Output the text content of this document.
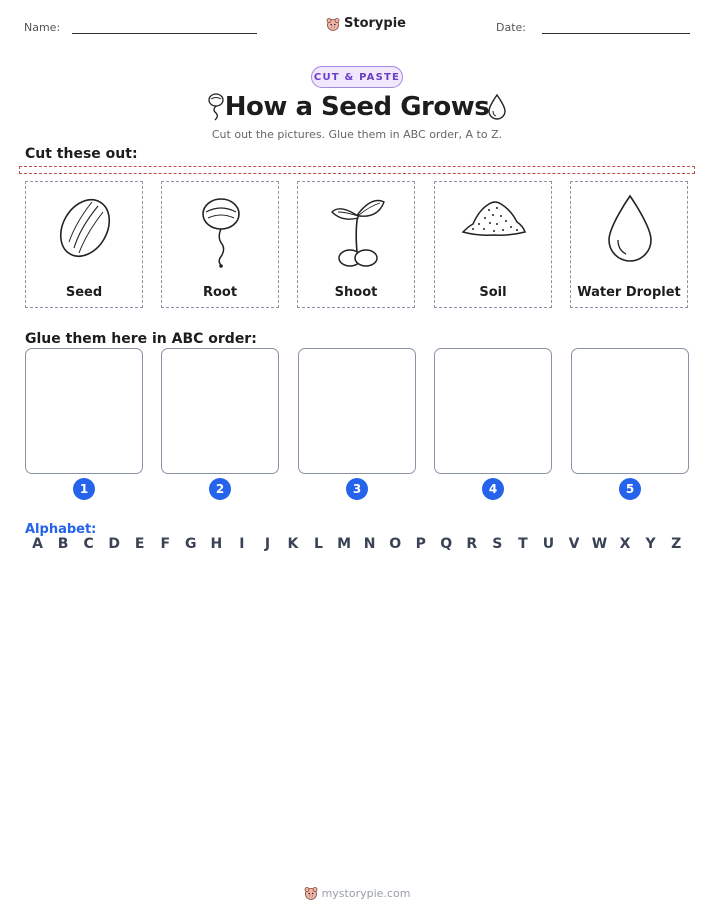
Name:	Storypie	Date:
CUT & PASTE
How a Seed Grows
Cut out the pictures. Glue them in ABC order, A to Z.
Cut these out:
Seed	Root	Shoot	Soil	Water Droplet
Glue them here in ABC order:
1	2	3	4	5
Alphabet:
A	B	C	D	E	F	G H	I	J	K	L	M N O	P	Q	R	S	T	U	V W X	Y	Z
mystorypie.com
